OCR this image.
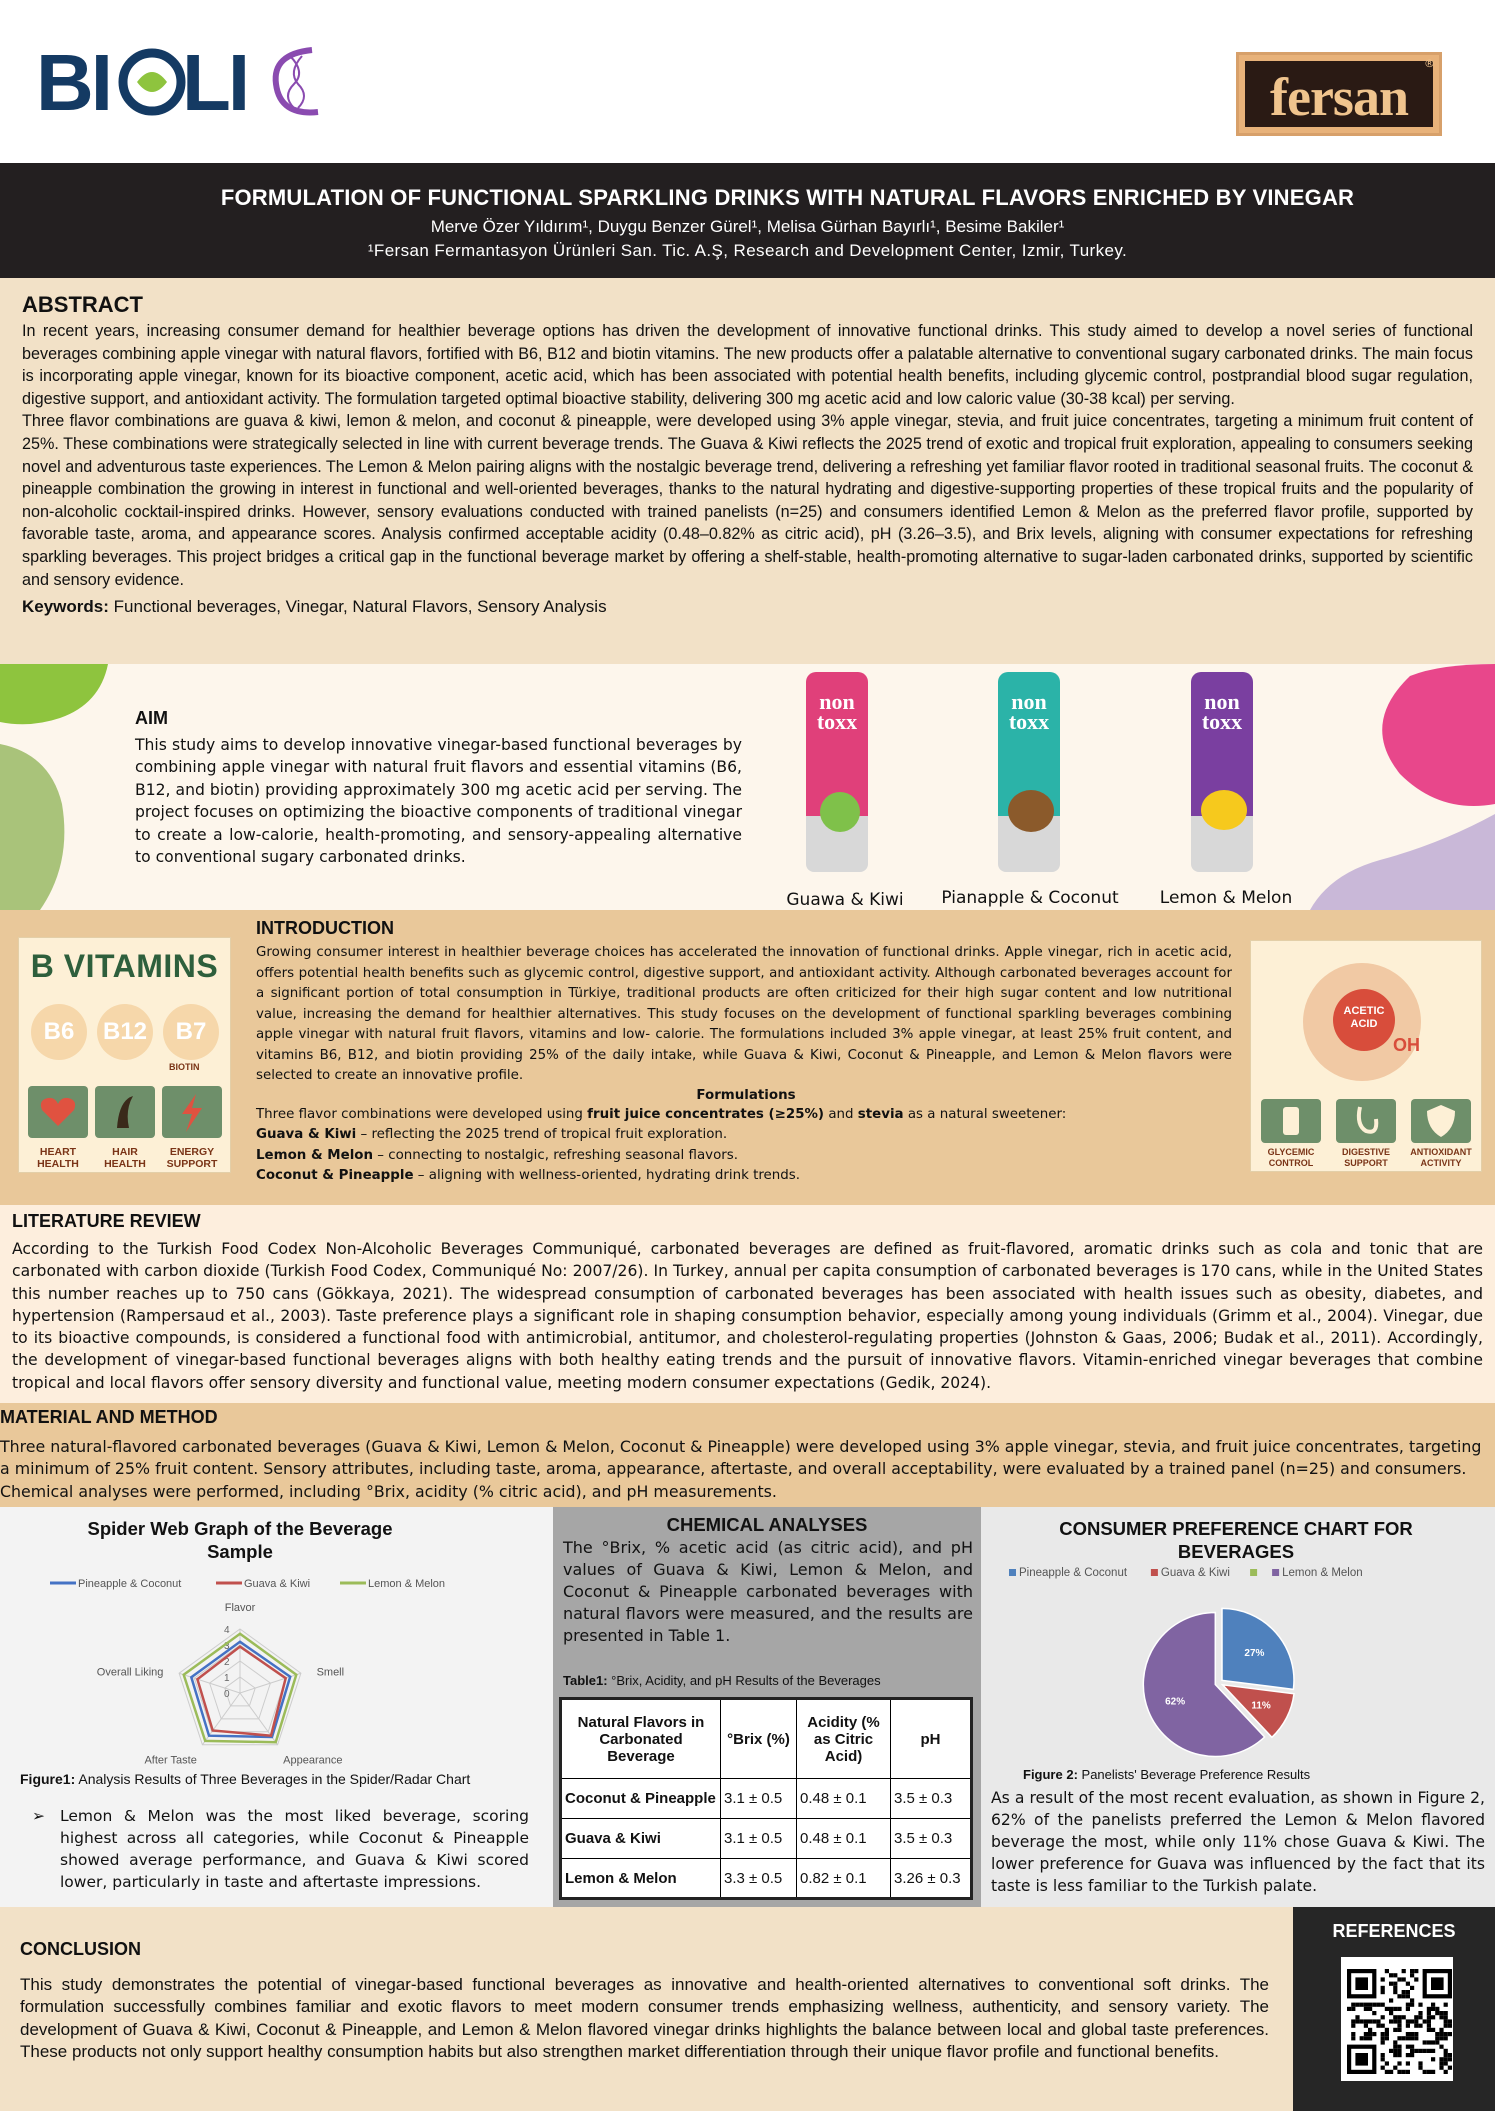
BI LI	fersan
®
FORMULATION OF FUNCTIONAL SPARKLING DRINKS WITH NATURAL FLAVORS ENRICHED BY VINEGAR
Merve Özer Yıldırım¹, Duygu Benzer Gürel¹, Melisa Gürhan Bayırlı¹, Besime Bakiler¹
¹Fersan Fermantasyon Ürünleri San. Tic. A.Ş, Research and Development Center, Izmir, Turkey.
ABSTRACT

In recent years, increasing consumer demand for healthier beverage options has driven the development of innovative functional drinks. This study aimed to develop a novel series of functional beverages combining apple vinegar with natural flavors, fortified with B6, B12 and biotin vitamins. The new products offer a palatable alternative to conventional sugary carbonated drinks. The main focus is incorporating apple vinegar, known for its bioactive component, acetic acid, which has been associated with potential health benefits, including glycemic control, postprandial blood sugar regulation, digestive support, and antioxidant activity. The formulation targeted optimal bioactive stability, delivering 300 mg acetic acid and low caloric value (30-38 kcal) per serving.

Three flavor combinations are guava & kiwi, lemon & melon, and coconut & pineapple, were developed using 3% apple vinegar, stevia, and fruit juice concentrates, targeting a minimum fruit content of 25%. These combinations were strategically selected in line with current beverage trends. The Guava & Kiwi reflects the 2025 trend of exotic and tropical fruit exploration, appealing to consumers seeking novel and adventurous taste experiences. The Lemon & Melon pairing aligns with the nostalgic beverage trend, delivering a refreshing yet familiar flavor rooted in traditional seasonal fruits. The coconut & pineapple combination the growing in interest in functional and well-oriented beverages, thanks to the natural hydrating and digestive-supporting properties of these tropical fruits and the popularity of non-alcoholic cocktail-inspired drinks. However, sensory evaluations conducted with trained panelists (n=25) and consumers identified Lemon & Melon as the preferred flavor profile, supported by favorable taste, aroma, and appearance scores. Analysis confirmed acceptable acidity (0.48–0.82% as citric acid), pH (3.26–3.5), and Brix levels, aligning with consumer expectations for refreshing sparkling beverages. This project bridges a critical gap in the functional beverage market by offering a shelf-stable, health-promoting alternative to sugar-laden carbonated drinks, supported by scientific and sensory evidence.

Keywords: Functional beverages, Vinegar, Natural Flavors, Sensory Analysis
AIM

This study aims to develop innovative vinegar-based functional beverages by combining apple vinegar with natural fruit flavors and essential vitamins (B6, B12, and biotin) providing approximately 300 mg acetic acid per serving. The project focuses on optimizing the bioactive components of traditional vinegar to create a low-calorie, health-promoting, and sensory-appealing alternative to conventional sugary carbonated drinks.

non toxx
non toxx
non toxx
Guawa & Kiwi	Pianapple & Coconut	Lemon & Melon
B VITAMINS
B6	B12	B7
BIOTIN
HEART HEALTH
HAIR HEALTH
ENERGY SUPPORT
INTRODUCTION
Growing consumer interest in healthier beverage choices has accelerated the innovation of functional drinks. Apple vinegar, rich in acetic acid, offers potential health benefits such as glycemic control, digestive support, and antioxidant activity. Although carbonated beverages account for a significant portion of total consumption in Türkiye, traditional products are often criticized for their high sugar content and low nutritional value, increasing the demand for healthier alternatives. This study focuses on the development of functional sparkling beverages combining apple vinegar with natural fruit flavors, vitamins and low- calorie. The formulations included 3% apple vinegar, at least 25% fruit content, and vitamins B6, B12, and biotin providing 25% of the daily intake, while Guava & Kiwi, Coconut & Pineapple, and Lemon & Melon flavors were selected to create an innovative profile.
Formulations
Three flavor combinations were developed using fruit juice concentrates (≥25%) and stevia as a natural sweetener:
Guava & Kiwi – reflecting the 2025 trend of tropical fruit exploration.
Lemon & Melon – connecting to nostalgic, refreshing seasonal flavors.
Coconut & Pineapple – aligning with wellness-oriented, hydrating drink trends.
ACETIC ACID
OH
GLYCEMIC CONTROL
DIGESTIVE SUPPORT
ANTIOXIDANT ACTIVITY
LITERATURE REVIEW

According to the Turkish Food Codex Non-Alcoholic Beverages Communiqué, carbonated beverages are defined as fruit-flavored, aromatic drinks such as cola and tonic that are carbonated with carbon dioxide (Turkish Food Codex, Communiqué No: 2007/26). In Turkey, annual per capita consumption of carbonated beverages is 170 cans, while in the United States this number reaches up to 750 cans (Gökkaya, 2021). The widespread consumption of carbonated beverages has been associated with health issues such as obesity, diabetes, and hypertension (Rampersaud et al., 2003). Taste preference plays a significant role in shaping consumption behavior, especially among young individuals (Grimm et al., 2004). Vinegar, due to its bioactive compounds, is considered a functional food with antimicrobial, antitumor, and cholesterol-regulating properties (Johnston & Gaas, 2006; Budak et al., 2011). Accordingly, the development of vinegar-based functional beverages aligns with both healthy eating trends and the pursuit of innovative flavors. Vitamin-enriched vinegar beverages that combine tropical and local flavors offer sensory diversity and functional value, meeting modern consumer expectations (Gedik, 2024).

MATERIAL AND METHOD

Three natural-flavored carbonated beverages (Guava & Kiwi, Lemon & Melon, Coconut & Pineapple) were developed using 3% apple vinegar, stevia, and fruit juice concentrates, targeting a minimum of 25% fruit content. Sensory attributes, including taste, aroma, appearance, aftertaste, and overall acceptability, were evaluated by a trained panel (n=25) and consumers. Chemical analyses were performed, including °Brix, acidity (% citric acid), and pH measurements.

Spider Web Graph of the Beverage Sample
Pineapple & Coconut	Guava & Kiwi	Lemon & Melon
0
1
2
3
4
Flavor
Smell
Appearance
After Taste
Overall Liking
Figure1: Analysis Results of Three Beverages in the Spider/Radar Chart
➢ Lemon & Melon was the most liked beverage, scoring highest across all categories, while Coconut & Pineapple showed average performance, and Guava & Kiwi scored lower, particularly in taste and aftertaste impressions.
CHEMICAL ANALYSES
The °Brix, % acetic acid (as citric acid), and pH values of Guava & Kiwi, Lemon & Melon, and Coconut & Pineapple carbonated beverages with natural flavors were measured, and the results are presented in Table 1.
Table1: °Brix, Acidity, and pH Results of the Beverages
Natural Flavors in Carbonated Beverage	°Brix (%)	Acidity (% as Citric Acid)	pH
Coconut & Pineapple	3.1 ± 0.5	0.48 ± 0.1	3.5 ± 0.3
Guava & Kiwi	3.1 ± 0.5	0.48 ± 0.1	3.5 ± 0.3
Lemon & Melon	3.3 ± 0.5	0.82 ± 0.1	3.26 ± 0.3
CONSUMER PREFERENCE CHART FOR BEVERAGES
Pineapple & Coconut	Guava & Kiwi	Lemon & Melon
27%
11%
62%
Figure 2: Panelists' Beverage Preference Results
As a result of the most recent evaluation, as shown in Figure 2, 62% of the panelists preferred the Lemon & Melon flavored beverage the most, while only 11% chose Guava & Kiwi. The lower preference for Guava was influenced by the fact that its taste is less familiar to the Turkish palate.
CONCLUSION

This study demonstrates the potential of vinegar-based functional beverages as innovative and health-oriented alternatives to conventional soft drinks. The formulation successfully combines familiar and exotic flavors to meet modern consumer trends emphasizing wellness, authenticity, and sensory variety. The development of Guava & Kiwi, Coconut & Pineapple, and Lemon & Melon flavored vinegar drinks highlights the balance between local and global taste preferences. These products not only support healthy consumption habits but also strengthen market differentiation through their unique flavor profile and functional benefits.

REFERENCES
